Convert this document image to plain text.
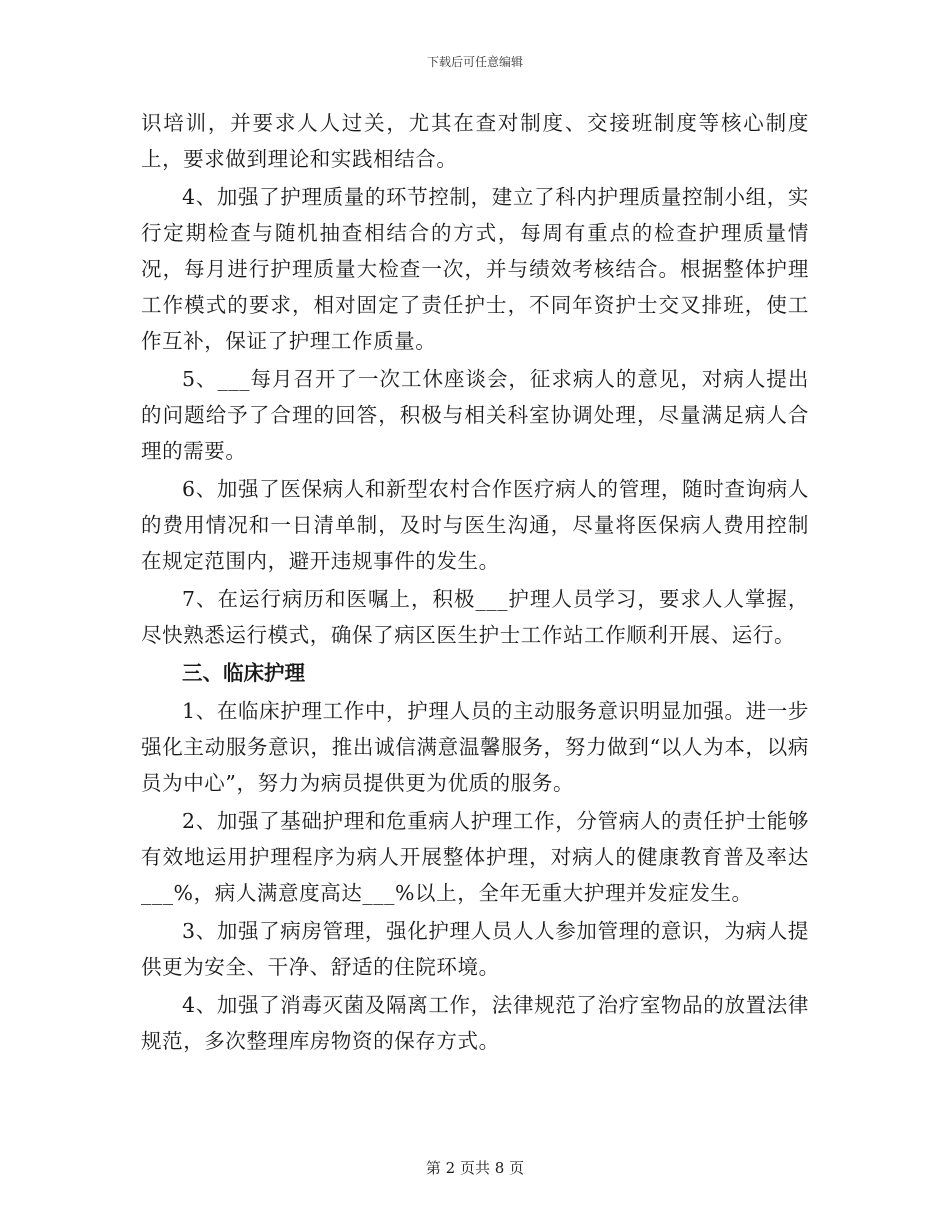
下载后可任意编辑

识培训，并要求人人过关，尤其在查对制度、交接班制度等核心制度上，要求做到理论和实践相结合。

4、加强了护理质量的环节控制，建立了科内护理质量控制小组，实行定期检查与随机抽查相结合的方式，每周有重点的检查护理质量情况，每月进行护理质量大检查一次，并与绩效考核结合。根据整体护理工作模式的要求，相对固定了责任护士，不同年资护士交叉排班，使工作互补，保证了护理工作质量。

5、___每月召开了一次工休座谈会，征求病人的意见，对病人提出的问题给予了合理的回答，积极与相关科室协调处理，尽量满足病人合理的需要。

6、加强了医保病人和新型农村合作医疗病人的管理，随时查询病人的费用情况和一日清单制，及时与医生沟通，尽量将医保病人费用控制在规定范围内，避开违规事件的发生。

7、在运行病历和医嘱上，积极___护理人员学习，要求人人掌握，尽快熟悉运行模式，确保了病区医生护士工作站工作顺利开展、运行。

三、临床护理

1、在临床护理工作中，护理人员的主动服务意识明显加强。进一步强化主动服务意识，推出诚信满意温馨服务，努力做到“以人为本，以病员为中心”，努力为病员提供更为优质的服务。

2、加强了基础护理和危重病人护理工作，分管病人的责任护士能够有效地运用护理程序为病人开展整体护理，对病人的健康教育普及率达___%，病人满意度高达___%以上，全年无重大护理并发症发生。

3、加强了病房管理，强化护理人员人人参加管理的意识，为病人提供更为安全、干净、舒适的住院环境。

4、加强了消毒灭菌及隔离工作，法律规范了治疗室物品的放置法律规范，多次整理库房物资的保存方式。

第 2 页共 8 页
